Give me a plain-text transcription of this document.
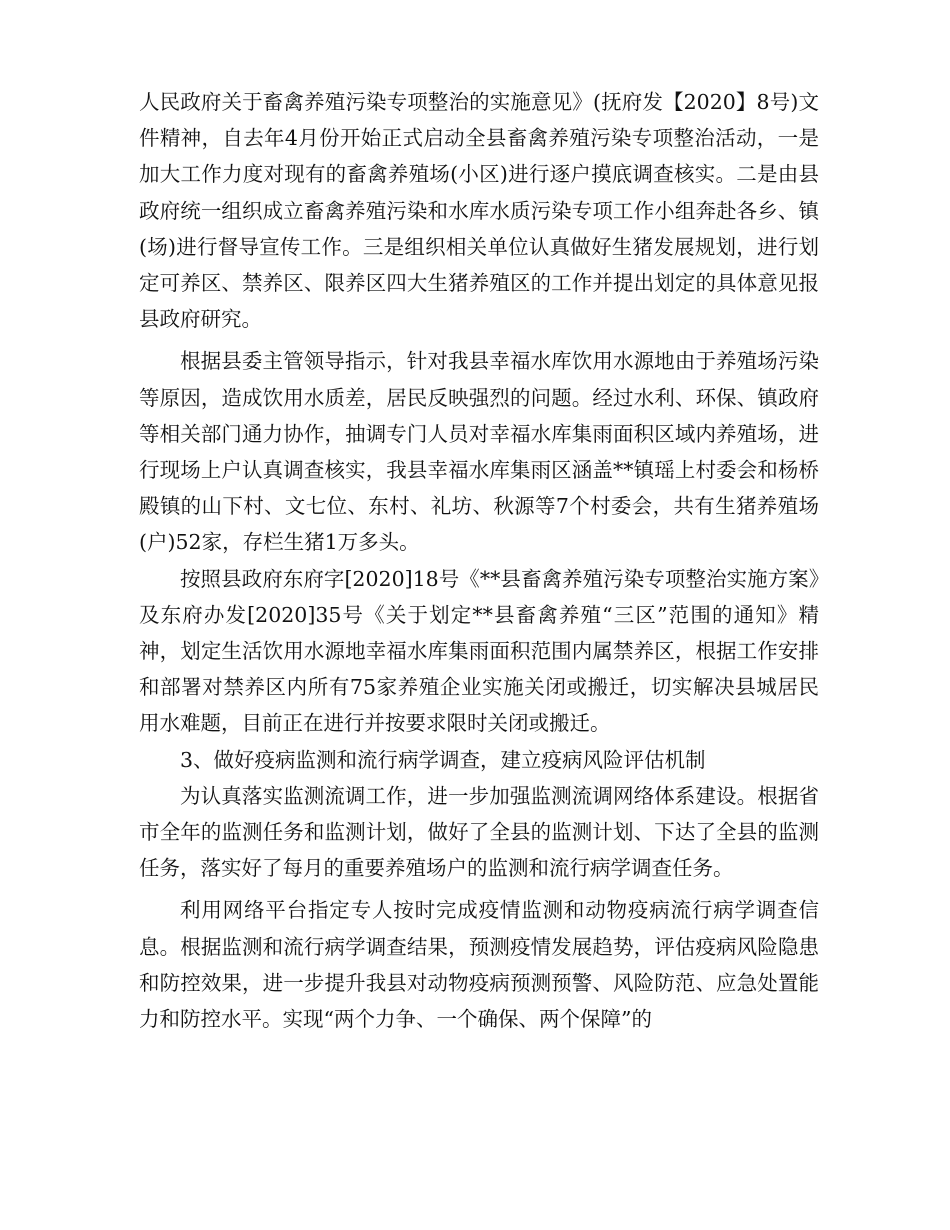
人民政府关于畜禽养殖污染专项整治的实施意见》(抚府发【2020】8号)文件精神，自去年4月份开始正式启动全县畜禽养殖污染专项整治活动，一是加大工作力度对现有的畜禽养殖场(小区)进行逐户摸底调查核实。二是由县政府统一组织成立畜禽养殖污染和水库水质污染专项工作小组奔赴各乡、镇(场)进行督导宣传工作。三是组织相关单位认真做好生猪发展规划，进行划定可养区、禁养区、限养区四大生猪养殖区的工作并提出划定的具体意见报县政府研究。

根据县委主管领导指示，针对我县幸福水库饮用水源地由于养殖场污染等原因，造成饮用水质差，居民反映强烈的问题。经过水利、环保、镇政府等相关部门通力协作，抽调专门人员对幸福水库集雨面积区域内养殖场，进行现场上户认真调查核实，我县幸福水库集雨区涵盖**镇瑶上村委会和杨桥殿镇的山下村、文七位、东村、礼坊、秋源等7个村委会，共有生猪养殖场(户)52家，存栏生猪1万多头。

按照县政府东府字[2020]18号《**县畜禽养殖污染专项整治实施方案》及东府办发[2020]35号《关于划定**县畜禽养殖“三区”范围的通知》精神，划定生活饮用水源地幸福水库集雨面积范围内属禁养区，根据工作安排和部署对禁养区内所有75家养殖企业实施关闭或搬迁，切实解决县城居民用水难题，目前正在进行并按要求限时关闭或搬迁。

3、做好疫病监测和流行病学调查，建立疫病风险评估机制

为认真落实监测流调工作，进一步加强监测流调网络体系建设。根据省市全年的监测任务和监测计划，做好了全县的监测计划、下达了全县的监测任务，落实好了每月的重要养殖场户的监测和流行病学调查任务。

利用网络平台指定专人按时完成疫情监测和动物疫病流行病学调查信息。根据监测和流行病学调查结果，预测疫情发展趋势，评估疫病风险隐患和防控效果，进一步提升我县对动物疫病预测预警、风险防范、应急处置能力和防控水平。实现“两个力争、一个确保、两个保障”的
